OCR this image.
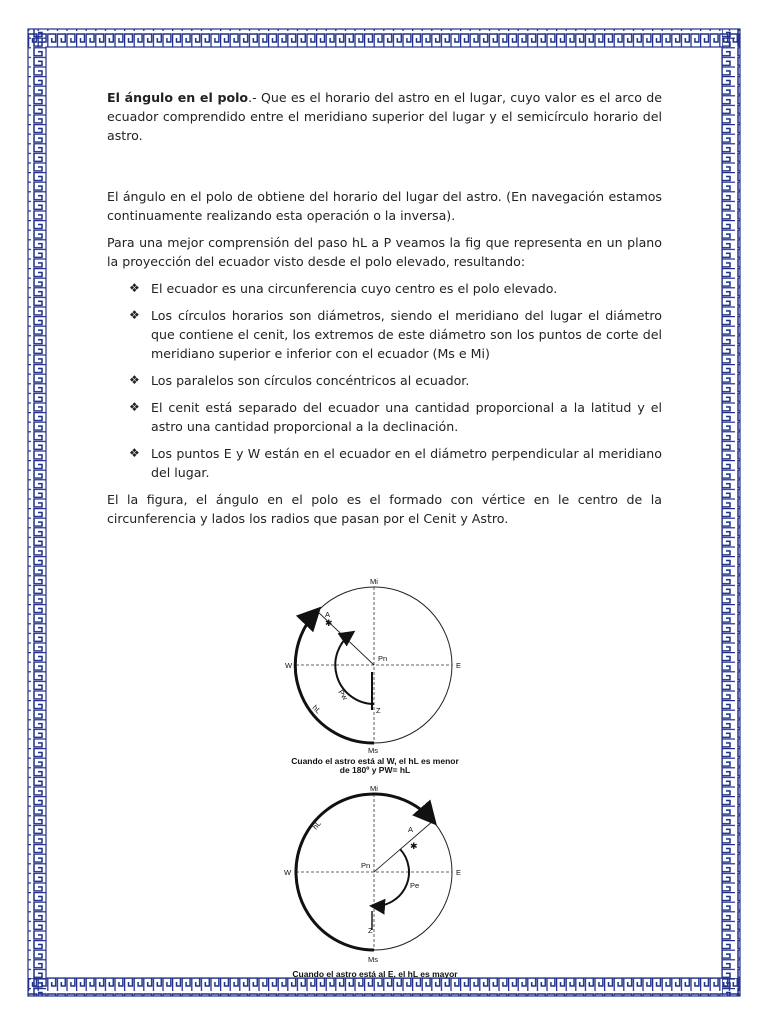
El ángulo en el polo.- Que es el horario del astro en el lugar, cuyo valor es el arco de ecuador comprendido entre el meridiano superior del lugar y el semicírculo horario del astro.

El ángulo en el polo de obtiene del horario del lugar del astro. (En navegación estamos continuamente realizando esta operación o la inversa).

Para una mejor comprensión del paso hL a P veamos la fig que representa en un plano la proyección del ecuador visto desde el polo elevado, resultando:

❖ El ecuador es una circunferencia cuyo centro es el polo elevado.
❖ Los círculos horarios son diámetros, siendo el meridiano del lugar el diámetro que contiene el cenit, los extremos de este diámetro son los puntos de corte del meridiano superior e inferior con el ecuador (Ms e Mi)
❖ Los paralelos son círculos concéntricos al ecuador.
❖ El cenit está separado del ecuador una cantidad proporcional a la latitud y el astro una cantidad proporcional a la declinación.
❖ Los puntos E y W están en el ecuador en el diámetro perpendicular al meridiano del lugar.

El la figura, el ángulo en el polo es el formado con vértice en le centro de la circunferencia y lados los radios que pasan por el Cenit y Astro.

✱
Mi
Ms
W	E
Pn
A
Z
Pw
hL
✱
Mi
Ms
W	E
Pn
A
Z
Pe
hL
Cuando el astro está al W, el hL es menor
de 180º y PW= hL
Cuando el astro está al E, el hL es mayor
